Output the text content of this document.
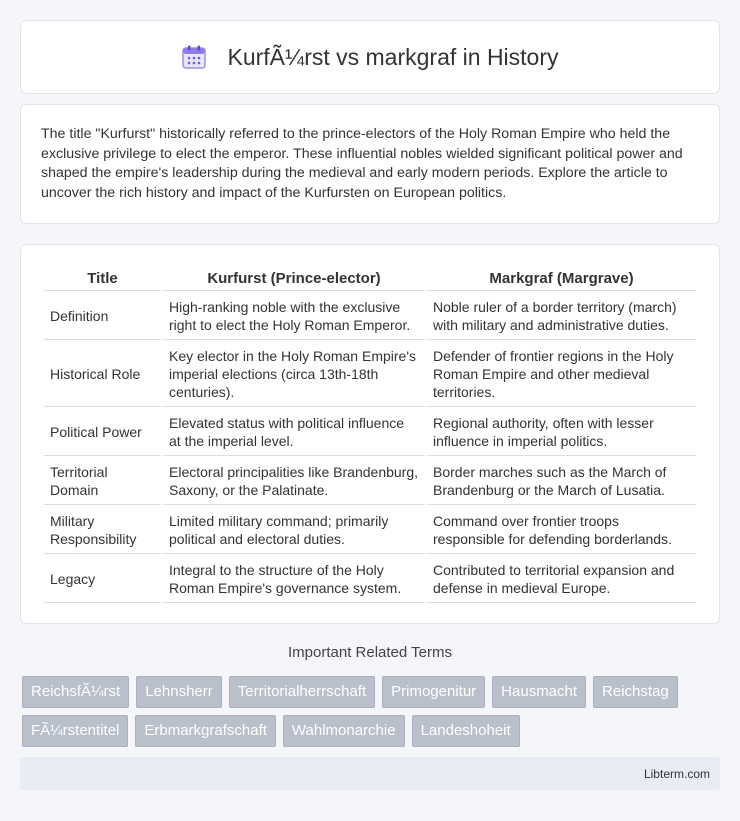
KurfÃ¼rst vs markgraf in History

The title "Kurfurst" historically referred to the prince-electors of the Holy Roman Empire who held the exclusive privilege to elect the emperor. These influential nobles wielded significant political power and shaped the empire's leadership during the medieval and early modern periods. Explore the article to uncover the rich history and impact of the Kurfursten on European politics.

Title	Kurfurst (Prince-elector)	Markgraf (Margrave)
Definition	High-ranking noble with the exclusive right to elect the Holy Roman Emperor.	Noble ruler of a border territory (march) with military and administrative duties.
Historical Role	Key elector in the Holy Roman Empire's imperial elections (circa 13th-18th centuries).	Defender of frontier regions in the Holy Roman Empire and other medieval territories.
Political Power	Elevated status with political influence at the imperial level.	Regional authority, often with lesser influence in imperial politics.
Territorial Domain	Electoral principalities like Brandenburg, Saxony, or the Palatinate.	Border marches such as the March of Brandenburg or the March of Lusatia.
Military Responsibility	Limited military command; primarily political and electoral duties.	Command over frontier troops responsible for defending borderlands.
Legacy	Integral to the structure of the Holy Roman Empire's governance system.	Contributed to territorial expansion and defense in medieval Europe.
Important Related Terms
ReichsfÃ¼rst	Lehnsherr	Territorialherrschaft	Primogenitur	Hausmacht	Reichstag
FÃ¼rstentitel	Erbmarkgrafschaft	Wahlmonarchie	Landeshoheit
Libterm.com
